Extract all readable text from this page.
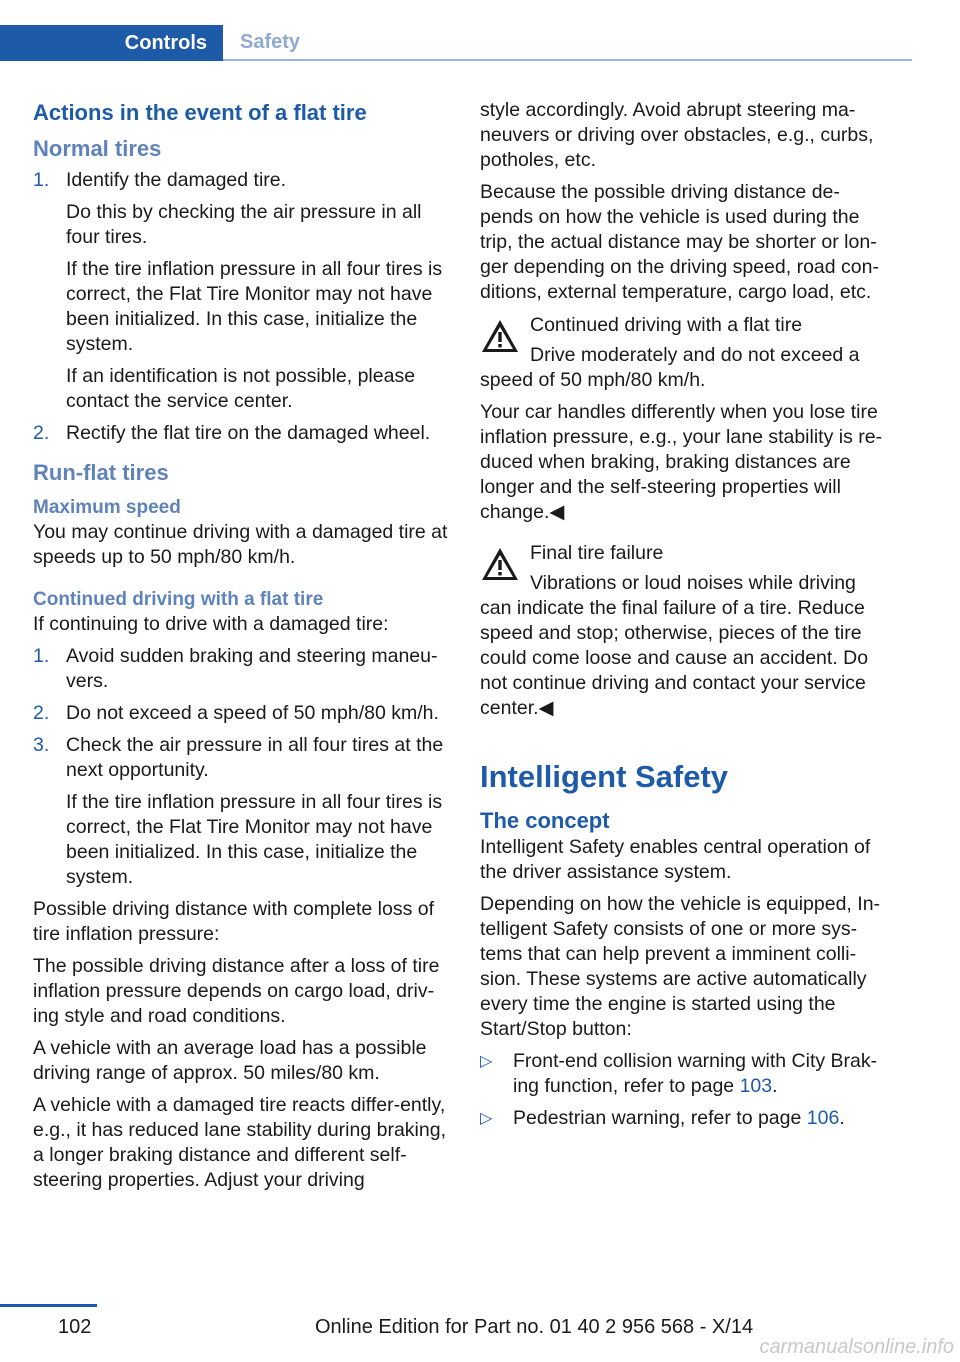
Controls	Safety
Actions in the event of a flat tire
Normal tires
1. Identify the damaged tire.

Do this by checking the air pressure in all four tires.

If the tire inflation pressure in all four tires is correct, the Flat Tire Monitor may not have been initialized. In this case, initialize the system.

If an identification is not possible, please contact the service center.

2. Rectify the flat tire on the damaged wheel.

Run-flat tires
Maximum speed

You may continue driving with a damaged tire at speeds up to 50 mph/80 km/h.

Continued driving with a flat tire

If continuing to drive with a damaged tire:

1. Avoid sudden braking and steering maneu‐vers.

2. Do not exceed a speed of 50 mph/80 km/h.

3. Check the air pressure in all four tires at the next opportunity.

If the tire inflation pressure in all four tires is correct, the Flat Tire Monitor may not have been initialized. In this case, initialize the system.

Possible driving distance with complete loss of tire inflation pressure:

The possible driving distance after a loss of tire inflation pressure depends on cargo load, driv‐ing style and road conditions.

A vehicle with an average load has a possible driving range of approx. 50 miles/80 km.

A vehicle with a damaged tire reacts differ‐ently, e.g., it has reduced lane stability during braking, a longer braking distance and different self-steering properties. Adjust your driving

style accordingly. Avoid abrupt steering ma‐neuvers or driving over obstacles, e.g., curbs, potholes, etc.

Because the possible driving distance de‐pends on how the vehicle is used during the trip, the actual distance may be shorter or lon‐ger depending on the driving speed, road con‐ditions, external temperature, cargo load, etc.

Continued driving with a flat tire

Drive moderately and do not exceed a speed of 50 mph/80 km/h.

Your car handles differently when you lose tire inflation pressure, e.g., your lane stability is re‐duced when braking, braking distances are longer and the self-steering properties will change.◀

Final tire failure

Vibrations or loud noises while driving can indicate the final failure of a tire. Reduce speed and stop; otherwise, pieces of the tire could come loose and cause an accident. Do not continue driving and contact your service center.◀

Intelligent Safety
The concept

Intelligent Safety enables central operation of the driver assistance system.

Depending on how the vehicle is equipped, In‐telligent Safety consists of one or more sys‐tems that can help prevent a imminent colli‐sion. These systems are active automatically every time the engine is started using the Start/Stop button:

▷ Front-end collision warning with City Brak‐ing function, refer to page 103.
▷ Pedestrian warning, refer to page 106.
102	Online Edition for Part no. 01 40 2 956 568 - X/14
carmanualsonline.info
